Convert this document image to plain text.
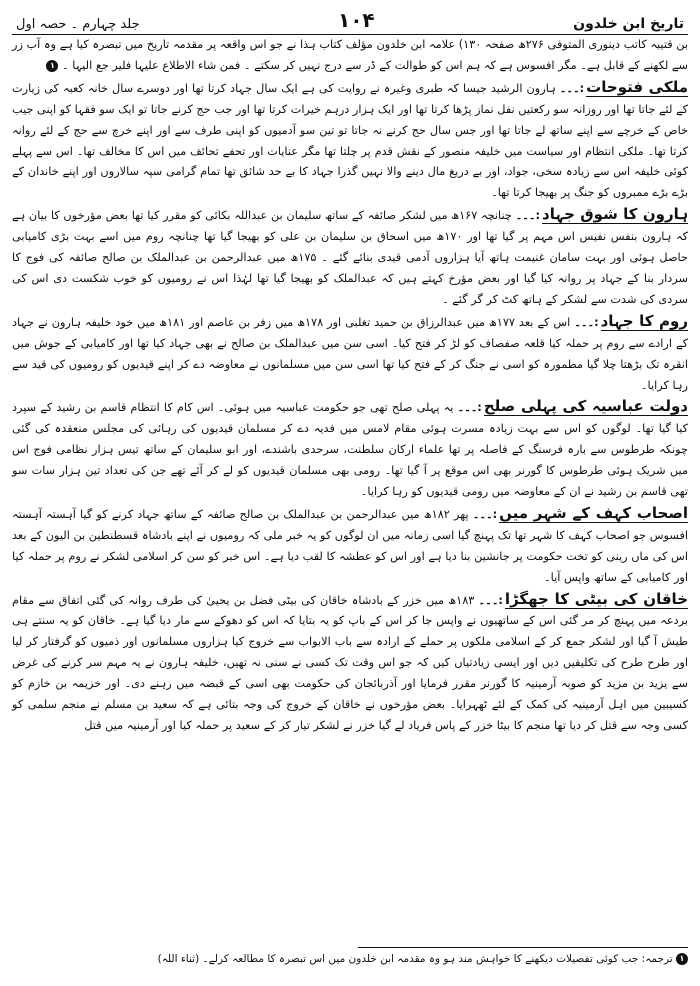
تاریخ ابن خلدون
۱۰۴
جلد چہارم ۔ حصہ اول

بن قتیبہ کاتب دینوری المتوفی ۲۷۶ھ صفحہ ۱۳۰) علامہ ابن خلدون مؤلف کتاب ہذا نے جو اس واقعہ پر مقدمہ تاریخ میں تبصرہ کیا ہے وہ آب زر سے لکھنے کے قابل ہے۔ مگر افسوس ہے کہ ہم اس کو طوالت کے ڈر سے درج نہیں کر سکتے ۔ فمن شاء الاطلاع علیہا فلیر جع الیہا ۔ ۱

ملکی فتوحات:۔۔۔ ہارون الرشید جیسا کہ طبری وغیرہ نے روایت کی ہے ایک سال جہاد کرتا تھا اور دوسرے سال خانہ کعبہ کی زیارت کے لئے جاتا تھا اور روزانہ سو رکعتیں نفل نماز پڑھا کرتا تھا اور ایک ہزار درہم خیرات کرتا تھا اور جب حج کرنے جاتا تو ایک سو فقہا کو اپنی جیب خاص کے خرچے سے اپنے ساتھ لے جاتا تھا اور جس سال حج کرنے نہ جاتا تو تین سو آدمیوں کو اپنی طرف سے اور اپنے خرچ سے حج کے لئے روانہ کرتا تھا۔ ملکی انتظام اور سیاست میں خلیفہ منصور کے نقش قدم پر چلتا تھا مگر عنایات اور تحفے تحائف میں اس کا مخالف تھا۔ اس سے پہلے کوئی خلیفہ اس سے زیادہ سخی، جواد، اور بے دریغ مال دینے والا نہیں گذرا جہاد کا بے حد شائق تھا تمام گرامی سپہ سالاروں اور اپنے خاندان کے بڑے بڑے ممبروں کو جنگ پر بھیجا کرتا تھا۔

ہارون کا شوق جہاد:۔۔۔ چنانچہ ۱۶۷ھ میں لشکر صائفہ کے ساتھ سلیمان بن عبداللہ بکائی کو مقرر کیا تھا بعض مؤرخوں کا بیان ہے کہ ہارون بنفس نفیس اس مہم پر گیا تھا اور ۱۷۰ھ میں اسحاق بن سلیمان بن علی کو بھیجا گیا تھا چنانچہ روم میں اسے بہت بڑی کامیابی حاصل ہوئی اور بہت سامان غنیمت ہاتھ آیا ہزاروں آدمی قیدی بنائے گئے ۔ ۱۷۵ھ میں عبدالرحمن بن عبدالملک بن صالح صائفہ کی فوج کا سردار بنا کے جہاد پر روانہ کیا گیا اور بعض مؤرخ کہتے ہیں کہ عبدالملک کو بھیجا گیا تھا لہٰذا اس نے رومیوں کو خوب شکست دی اس کی سردی کی شدت سے لشکر کے ہاتھ کٹ کر گر گئے ۔

روم کا جہاد:۔۔۔ اس کے بعد ۱۷۷ھ میں عبدالرزاق بن حمید تغلبی اور ۱۷۸ھ میں زفر بن عاصم اور ۱۸۱ھ میں خود خلیفہ ہارون نے جہاد کے ارادے سے روم پر حملہ کیا قلعہ صفصاف کو لڑ کر فتح کیا۔ اسی سن میں عبدالملک بن صالح نے بھی جہاد کیا تھا اور کامیابی کے جوش میں انقرہ تک بڑھتا چلا گیا مطمورہ کو اسی نے جنگ کر کے فتح کیا تھا اسی سن میں مسلمانوں نے معاوضہ دے کر اپنے قیدیوں کو رومیوں کی قید سے رہا کرایا۔

دولت عباسیہ کی پہلی صلح:۔۔۔ یہ پہلی صلح تھی جو حکومت عباسیہ میں ہوئی۔ اس کام کا انتظام قاسم بن رشید کے سپرد کیا گیا تھا۔ لوگوں کو اس سے بہت زیادہ مسرت ہوئی مقام لامس میں فدیہ دے کر مسلمان قیدیوں کی رہائی کی مجلس منعقدہ کی گئی چونکہ طرطوس سے بارہ فرسنگ کے فاصلہ پر تھا علماء ارکان سلطنت، سرحدی باشندے، اور ابو سلیمان کے ساتھ تیس ہزار نظامی فوج اس میں شریک ہوئی طرطوس کا گورنر بھی اس موقع پر آ گیا تھا۔ رومی بھی مسلمان قیدیوں کو لے کر آئے تھے جن کی تعداد تین ہزار سات سو تھی قاسم بن رشید نے ان کے معاوضہ میں رومی قیدیوں کو رہا کرایا۔

اصحاب کہف کے شہر میں:۔۔۔ پھر ۱۸۲ھ میں عبدالرحمن بن عبدالملک بن صالح صائفہ کے ساتھ جہاد کرنے کو گیا آہستہ آہستہ افسوس جو اصحاب کہف کا شہر تھا تک پہنچ گیا اسی زمانہ میں ان لوگوں کو یہ خبر ملی کہ رومیوں نے اپنے بادشاہ قسطنطین بن الیون کے بعد اس کی ماں رینی کو تخت حکومت پر جانشین بنا دیا ہے اور اس کو عطشہ کا لقب دیا ہے۔ اس خبر کو سن کر اسلامی لشکر نے روم پر حملہ کیا اور کامیابی کے ساتھ واپس آیا۔

خاقان کی بیٹی کا جھگڑا:۔۔۔ ۱۸۳ھ میں خزر کے بادشاہ خاقان کی بیٹی فضل بن یحییٰ کی طرف روانہ کی گئی اتفاق سے مقام بردعہ میں پہنچ کر مر گئی اس کے ساتھیوں نے واپس جا کر اس کے باپ کو یہ بتایا کہ اس کو دھوکے سے مار دیا گیا ہے۔ خاقان کو یہ سنتے ہی طیش آ گیا اور لشکر جمع کر کے اسلامی ملکوں پر حملے کے ارادہ سے باب الابواب سے خروج کیا ہزاروں مسلمانوں اور ذمیوں کو گرفتار کر لیا اور طرح طرح کی تکلیفیں دیں اور ایسی زیادتیاں کیں کہ جو اس وقت تک کسی نے سنی نہ تھیں، خلیفہ ہارون نے یہ مہم سر کرنے کی غرض سے یزید بن مزید کو صوبہ آرمینیہ کا گورنر مقرر فرمایا اور آذربائجان کی حکومت بھی اسی کے قبضہ میں رہنے دی۔ اور خزیمہ بن خازم کو کسیبین میں اہل آرمینیہ کی کمک کے لئے ٹھہرایا۔ بعض مؤرخوں نے خاقان کے خروج کی وجہ بتائی ہے کہ سعید بن مسلم نے منجم سلمی کو کسی وجہ سے قتل کر دیا تھا منجم کا بیٹا خزر کے پاس فریاد لے گیا خزر نے لشکر تیار کر کے سعید پر حملہ کیا اور آرمینیہ میں قتل

۱ ترجمہ: جب کوئی تفصیلات دیکھنے کا خواہش مند ہو وہ مقدمہ ابن خلدون میں اس تبصرہ کا مطالعہ کرلے۔ (ثناء اللہ)
